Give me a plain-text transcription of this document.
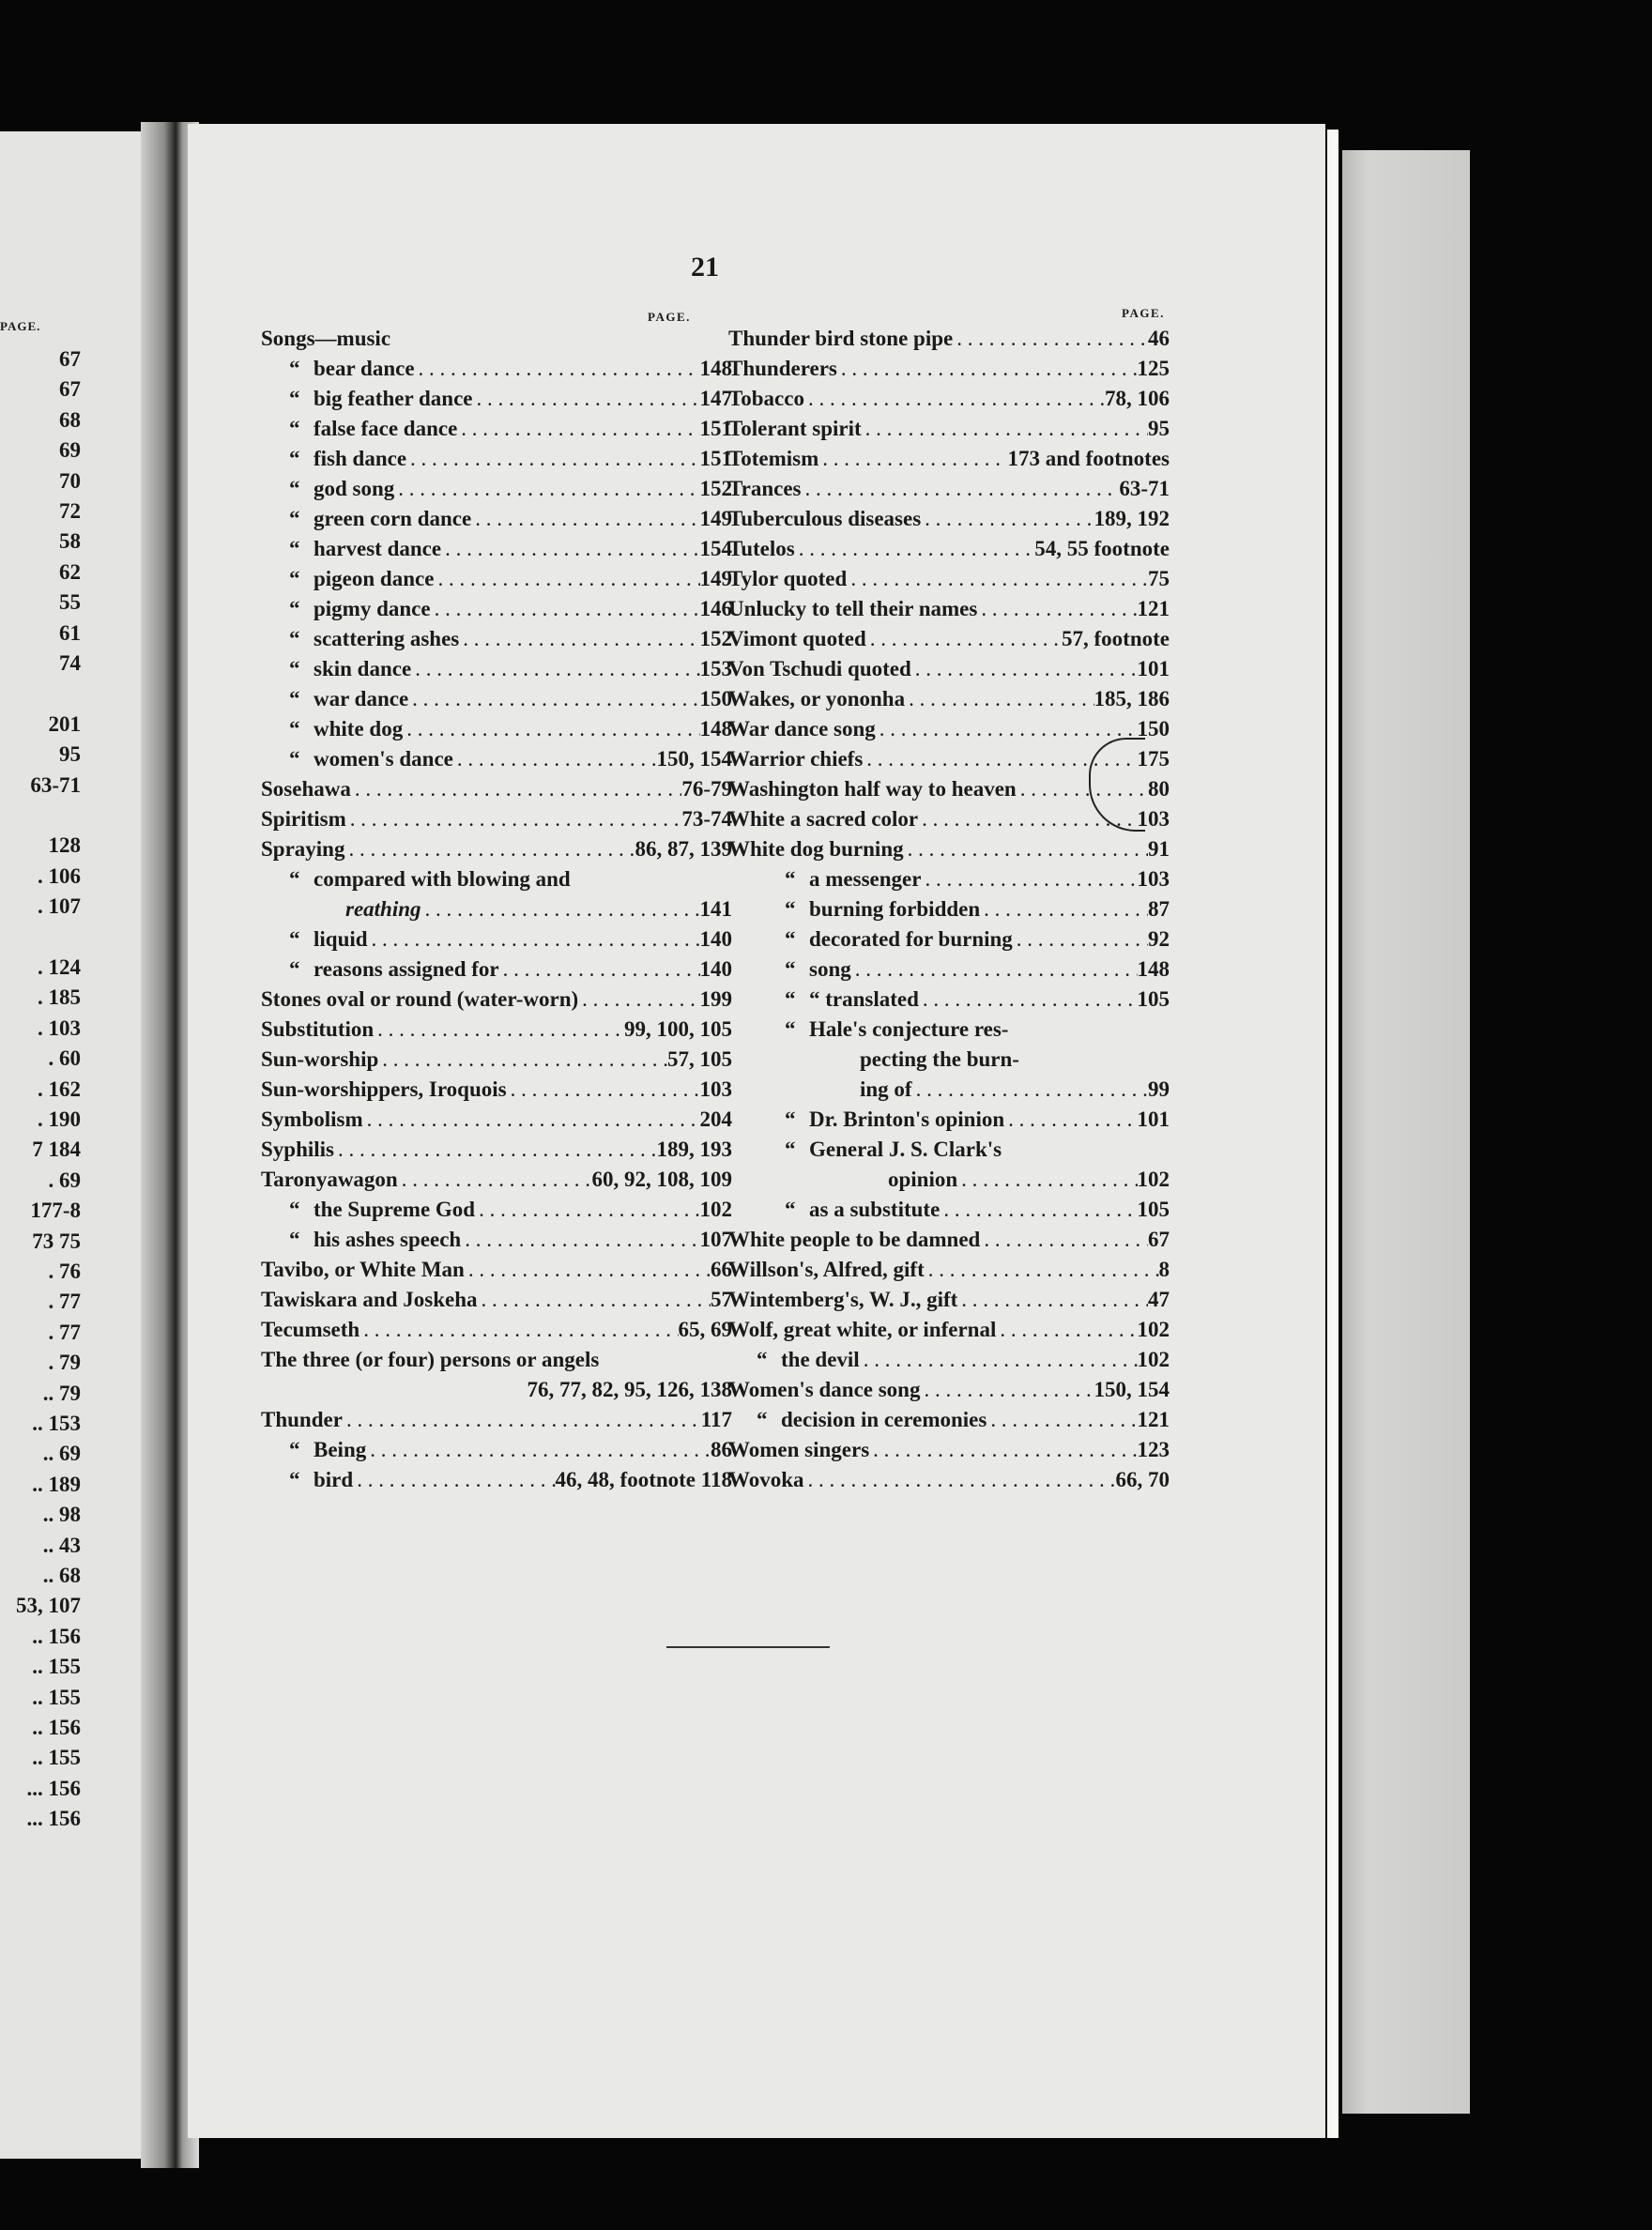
PAGE.
67
67
68
69
70
72
58
62
55
61
74
201
95
63-71
128
. 106
. 107
. 124
. 185
. 103
. 60
. 162
. 190
7 184
. 69
177-8
73 75
. 76
. 77
. 77
. 79
.. 79
.. 153
.. 69
.. 189
.. 98
.. 43
.. 68
53, 107
.. 156
.. 155
.. 155
.. 156
.. 155
... 156
... 156
21
PAGE.	PAGE.
Songs—music
“ bear dance . . .	148
“ big feather dance . . .	147
“ false face dance . . .	151
“ fish dance . . .	151
“ god song . . .	152
“ green corn dance . . .	149
“ harvest dance . . .	154
“ pigeon dance . . .	149
“ pigmy dance . . .	146
“ scattering ashes . . .	152
“ skin dance . . .	153
“ war dance . . .	150
“ white dog . . .	148
“ women's dance . . .	150, 154
Sosehawa . . .	76-79
Spiritism . . .	73-74
Spraying . . .	86, 87, 139
“ compared with blowing and
reathing . . .	141
“ liquid . . .	140
“ reasons assigned for . . .	140
Stones oval or round (water-worn) . . .	199
Substitution . . .	99, 100, 105
Sun-worship . . .	57, 105
Sun-worshippers, Iroquois . . .	103
Symbolism . . .	204
Syphilis . . .	189, 193
Taronyawagon . . .	60, 92, 108, 109
“ the Supreme God . . .	102
“ his ashes speech . . .	107
Tavibo, or White Man . . .	66
Tawiskara and Joskeha . . .	57
Tecumseth . . .	65, 69
The three (or four) persons or angels
76, 77, 82, 95, 126, 138
Thunder . . .	117
“ Being . . .	86
“ bird . . .	46, 48, footnote 118
Thunder bird stone pipe . . .	46
Thunderers . . .	125
Tobacco . . .	78, 106
Tolerant spirit . . .	95
Totemism . . .	173 and footnotes
Trances . . .	63-71
Tuberculous diseases . . .	189, 192
Tutelos . . .	54, 55 footnote
Tylor quoted . . .	75
Unlucky to tell their names . . .	121
Vimont quoted . . .	57, footnote
Von Tschudi quoted . . .	101
Wakes, or yononha . . .	185, 186
War dance song . . .	150
Warrior chiefs . . .	175
Washington half way to heaven . . .	80
White a sacred color . . .	103
White dog burning . . .	91
“ a messenger . . .	103
“ burning forbidden . . .	87
“ decorated for burning . . .	92
“ song . . .	148
“ “ translated . . .	105
“ Hale's conjecture res-
pecting the burn-
ing of . . .	99
“ Dr. Brinton's opinion . . .	101
“ General J. S. Clark's
opinion . . .	102
“ as a substitute . . .	105
White people to be damned . . .	67
Willson's, Alfred, gift . . .	8
Wintemberg's, W. J., gift . . .	47
Wolf, great white, or infernal . . .	102
“ the devil . . .	102
Women's dance song . . .	150, 154
“ decision in ceremonies . . .	121
Women singers . . .	123
Wovoka . . .	66, 70
